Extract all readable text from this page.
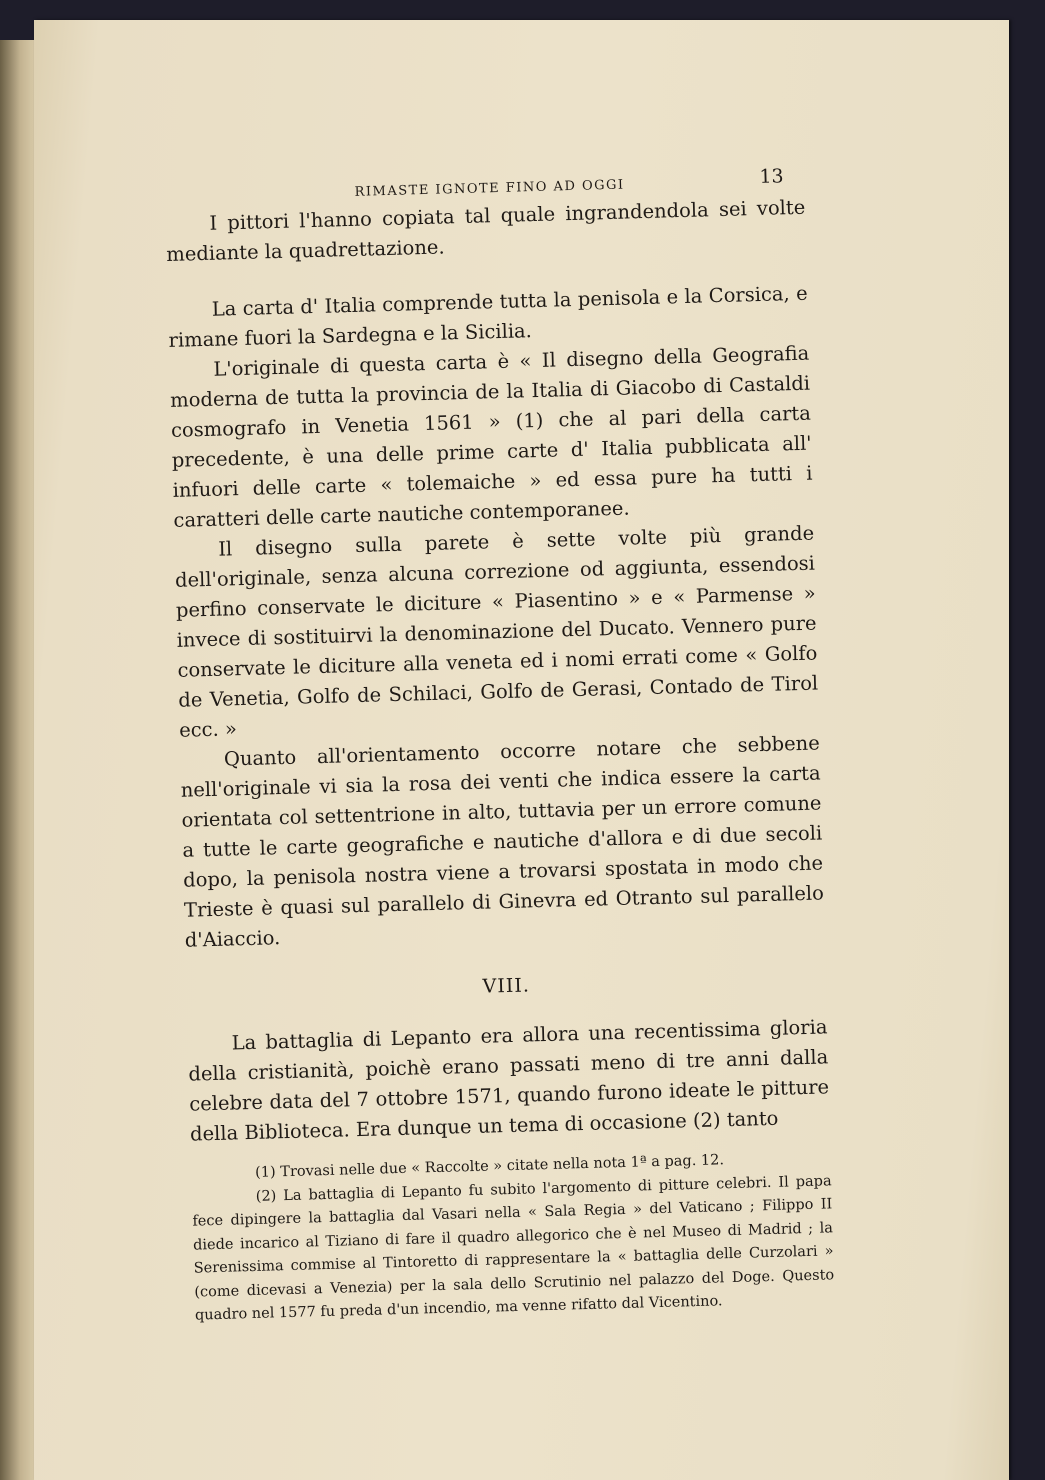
RIMASTE IGNOTE FINO AD OGGI
13

I pittori l'hanno copiata tal quale ingrandendola sei volte mediante la quadrettazione.

La carta d' Italia comprende tutta la penisola e la Corsica, e rimane fuori la Sardegna e la Sicilia.

L'originale di questa carta è « Il disegno della Geografia moderna de tutta la provincia de la Italia di Giacobo di Castaldi cosmografo in Venetia 1561 » (1) che al pari della carta precedente, è una delle prime carte d' Italia pubblicata all' infuori delle carte « tolemaiche » ed essa pure ha tutti i caratteri delle carte nautiche contemporanee.

Il disegno sulla parete è sette volte più grande dell'originale, senza alcuna correzione od aggiunta, essendosi perfino conservate le diciture « Piasentino » e « Parmense » invece di sostituirvi la denominazione del Ducato. Vennero pure conservate le diciture alla veneta ed i nomi errati come « Golfo de Venetia, Golfo de Schilaci, Golfo de Gerasi, Contado de Tirol ecc. »

Quanto all'orientamento occorre notare che sebbene nell'originale vi sia la rosa dei venti che indica essere la carta orientata col settentrione in alto, tuttavia per un errore comune a tutte le carte geografiche e nautiche d'allora e di due secoli dopo, la penisola nostra viene a trovarsi spostata in modo che Trieste è quasi sul parallelo di Ginevra ed Otranto sul parallelo d'Aiaccio.

VIII.

La battaglia di Lepanto era allora una recentissima gloria della cristianità, poichè erano passati meno di tre anni dalla celebre data del 7 ottobre 1571, quando furono ideate le pitture della Biblioteca. Era dunque un tema di occasione (2) tanto

(1) Trovasi nelle due « Raccolte » citate nella nota 1ª a pag. 12.

(2) La battaglia di Lepanto fu subito l'argomento di pitture celebri. Il papa fece dipingere la battaglia dal Vasari nella « Sala Regia » del Vaticano ; Filippo II diede incarico al Tiziano di fare il quadro allegorico che è nel Museo di Madrid ; la Serenissima commise al Tintoretto di rappresentare la « battaglia delle Curzolari » (come dicevasi a Venezia) per la sala dello Scrutinio nel palazzo del Doge. Questo quadro nel 1577 fu preda d'un incendio, ma venne rifatto dal Vicentino.
